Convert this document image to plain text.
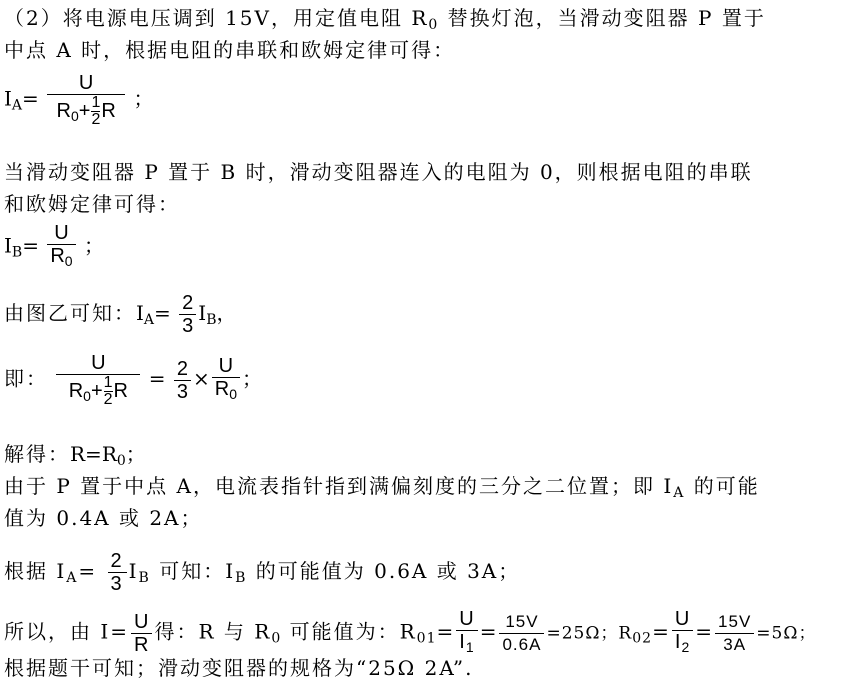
（2）将电源电压调到 15V，用定值电阻 $R_0$ 替换灯泡，当滑动变阻器 P 置于
中点 A 时，根据电阻的串联和欧姆定律可得：
$I_A= \frac{U}{R_0+ \frac{1}{2} R}$ ；
当滑动变阻器 P 置于 B 时，滑动变阻器连入的电阻为 0，则根据电阻的串联
和欧姆定律可得：
$I_B= \frac{U}{R_0}$ ；
由图乙可知：$I_A= \frac{2}{3} I_B$，
即： $\frac{U}{R_0+ \frac{1}{2} R} = \frac{2}{3} \times \frac{U}{R_0}$ ；
解得：$R=R_0$；
由于 P 置于中点 A，电流表指针指到满偏刻度的三分之二位置；即 $I_A$ 的可能
值为 0.4A 或 2A；
根据 $I_A= \frac{2}{3} I_B$ 可知：$I_B$ 的可能值为 0.6A 或 3A；
所以，由 $I= \frac{U}{R}$ 得：R 与 $R_0$ 可能值为：$R_{01}= \frac{U}{I_1} = \frac{15V}{0.6A} =25\Omega$；$R_{02}= \frac{U}{I_2} = \frac{15V}{3A} =5\Omega$；
根据题干可知；滑动变阻器的规格为“25Ω 2A”.
